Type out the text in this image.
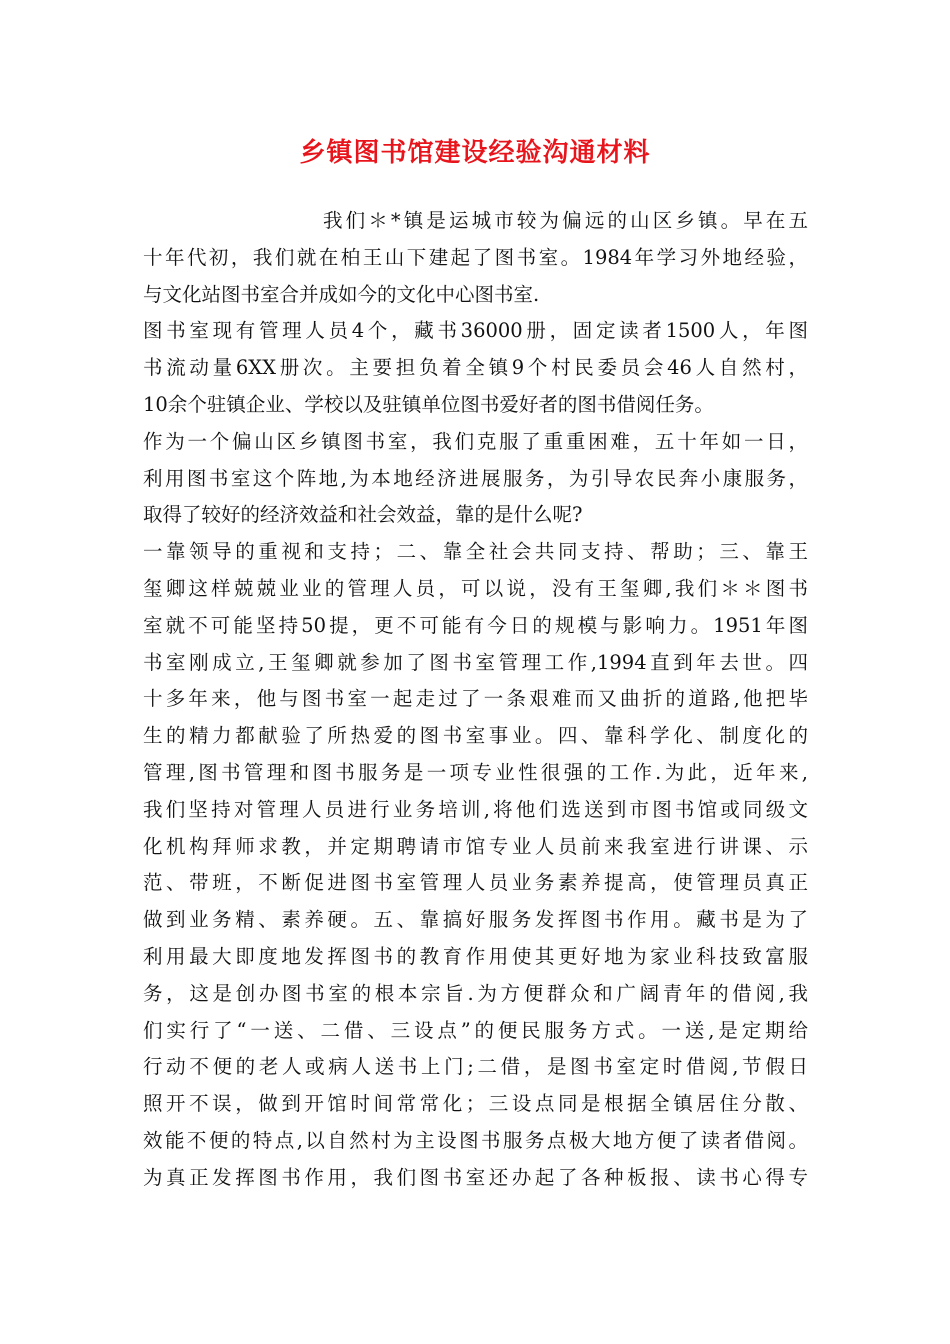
乡镇图书馆建设经验沟通材料
我们＊*镇是运城市较为偏远的山区乡镇。早在五
十年代初，我们就在柏王山下建起了图书室。1984年学习外地经验，
与文化站图书室合并成如今的文化中心图书室.
图书室现有管理人员4个，藏书36000册，固定读者1500人，年图
书流动量6XX册次。主要担负着全镇9个村民委员会46人自然村，
10余个驻镇企业、学校以及驻镇单位图书爱好者的图书借阅任务。
作为一个偏山区乡镇图书室，我们克服了重重困难，五十年如一日，
利用图书室这个阵地,为本地经济进展服务，为引导农民奔小康服务，
取得了较好的经济效益和社会效益，靠的是什么呢?
一靠领导的重视和支持；二、靠全社会共同支持、帮助；三、靠王
玺卿这样兢兢业业的管理人员，可以说，没有王玺卿,我们＊＊图书
室就不可能坚持50提，更不可能有今日的规模与影响力。1951年图
书室刚成立,王玺卿就参加了图书室管理工作,1994直到年去世。四
十多年来，他与图书室一起走过了一条艰难而又曲折的道路,他把毕
生的精力都献验了所热爱的图书室事业。四、靠科学化、制度化的
管理,图书管理和图书服务是一项专业性很强的工作.为此，近年来,
我们坚持对管理人员进行业务培训,将他们选送到市图书馆或同级文
化机构拜师求教，并定期聘请市馆专业人员前来我室进行讲课、示
范、带班，不断促进图书室管理人员业务素养提高，使管理员真正
做到业务精、素养硬。五、靠搞好服务发挥图书作用。藏书是为了
利用最大即度地发挥图书的教育作用使其更好地为家业科技致富服
务，这是创办图书室的根本宗旨.为方便群众和广阔青年的借阅,我
们实行了“一送、二借、三设点”的便民服务方式。一送,是定期给
行动不便的老人或病人送书上门;二借，是图书室定时借阅,节假日
照开不误，做到开馆时间常常化；三设点同是根据全镇居住分散、
效能不便的特点,以自然村为主设图书服务点极大地方便了读者借阅。
为真正发挥图书作用，我们图书室还办起了各种板报、读书心得专
